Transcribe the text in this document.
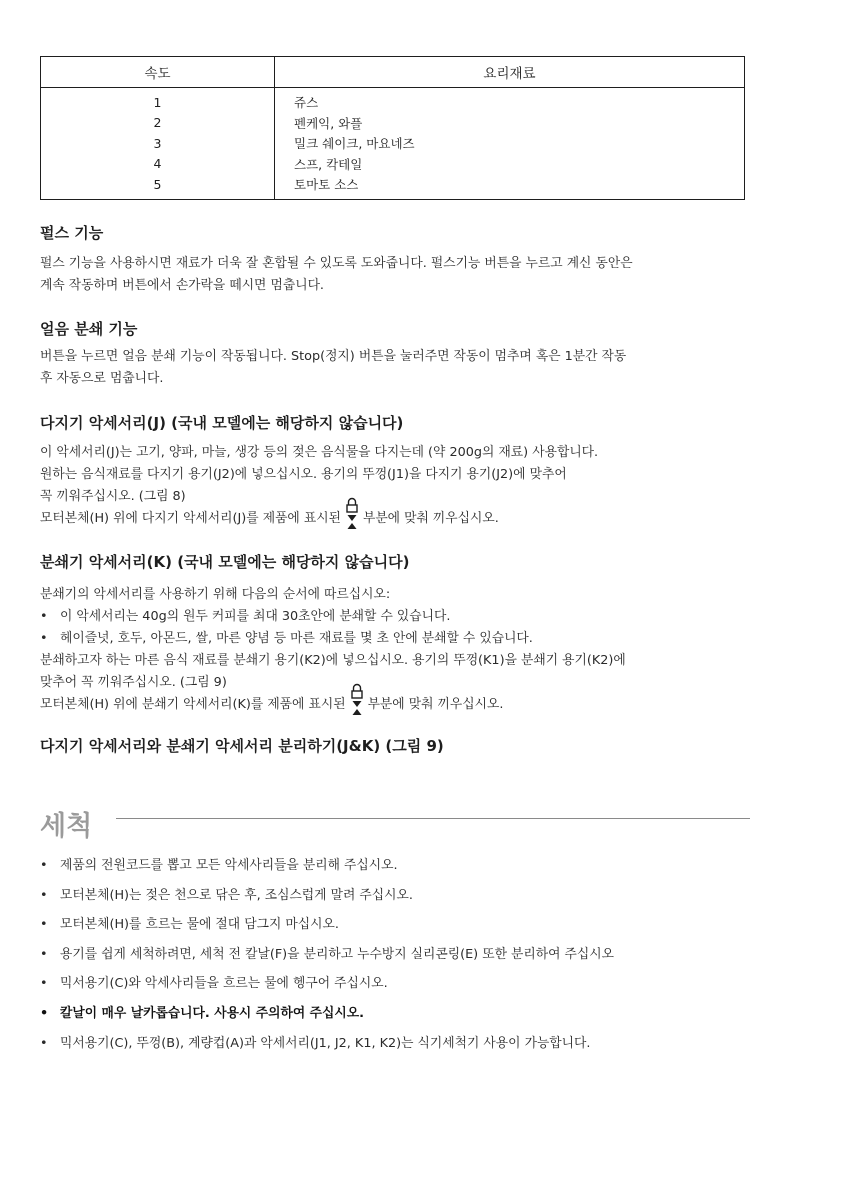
속도	요리재료
1	쥬스
2	펜케익, 와플
3	밀크 쉐이크, 마요네즈
4	스프, 칵테일
5	토마토 소스
펄스 기능
펄스 기능을 사용하시면 재료가 더욱 잘 혼합될 수 있도록 도와줍니다. 펄스기능 버튼을 누르고 계신 동안은
계속 작동하며 버튼에서 손가락을 떼시면 멈춥니다.
얼음 분쇄 기능
버튼을 누르면 얼음 분쇄 기능이 작동됩니다. Stop(정지) 버튼을 눌러주면 작동이 멈추며 혹은 1분간 작동
후 자동으로 멈춥니다.
다지기 악세서리(J) (국내 모델에는 해당하지 않습니다)
이 악세서리(J)는 고기, 양파, 마늘, 생강 등의 젖은 음식물을 다지는데 (약 200g의 재료) 사용합니다.
원하는 음식재료를 다지기 용기(J2)에 넣으십시오. 용기의 뚜껑(J1)을 다지기 용기(J2)에 맞추어
꼭 끼워주십시오. (그림 8)
모터본체(H) 위에 다지기 악세서리(J)를 제품에 표시된 부분에 맞춰 끼우십시오.
분쇄기 악세서리(K) (국내 모델에는 해당하지 않습니다)
분쇄기의 악세서리를 사용하기 위해 다음의 순서에 따르십시오:
• 이 악세서리는 40g의 원두 커피를 최대 30초안에 분쇄할 수 있습니다.
• 헤이즐넛, 호두, 아몬드, 쌀, 마른 양념 등 마른 재료를 몇 초 안에 분쇄할 수 있습니다.
분쇄하고자 하는 마른 음식 재료를 분쇄기 용기(K2)에 넣으십시오. 용기의 뚜껑(K1)을 분쇄기 용기(K2)에
맞추어 꼭 끼워주십시오. (그림 9)
모터본체(H) 위에 분쇄기 악세서리(K)를 제품에 표시된 부분에 맞춰 끼우십시오.
다지기 악세서리와 분쇄기 악세서리 분리하기(J&K) (그림 9)
세척
• 제품의 전원코드를 뽑고 모든 악세사리들을 분리해 주십시오.
• 모터본체(H)는 젖은 천으로 닦은 후, 조심스럽게 말려 주십시오.
• 모터본체(H)를 흐르는 물에 절대 담그지 마십시오.
• 용기를 쉽게 세척하려면, 세척 전 칼날(F)을 분리하고 누수방지 실리콘링(E) 또한 분리하여 주십시오
• 믹서용기(C)와 악세사리들을 흐르는 물에 헹구어 주십시오.
• 칼날이 매우 날카롭습니다. 사용시 주의하여 주십시오.
• 믹서용기(C), 뚜껑(B), 계량컵(A)과 악세서리(J1, J2, K1, K2)는 식기세척기 사용이 가능합니다.
